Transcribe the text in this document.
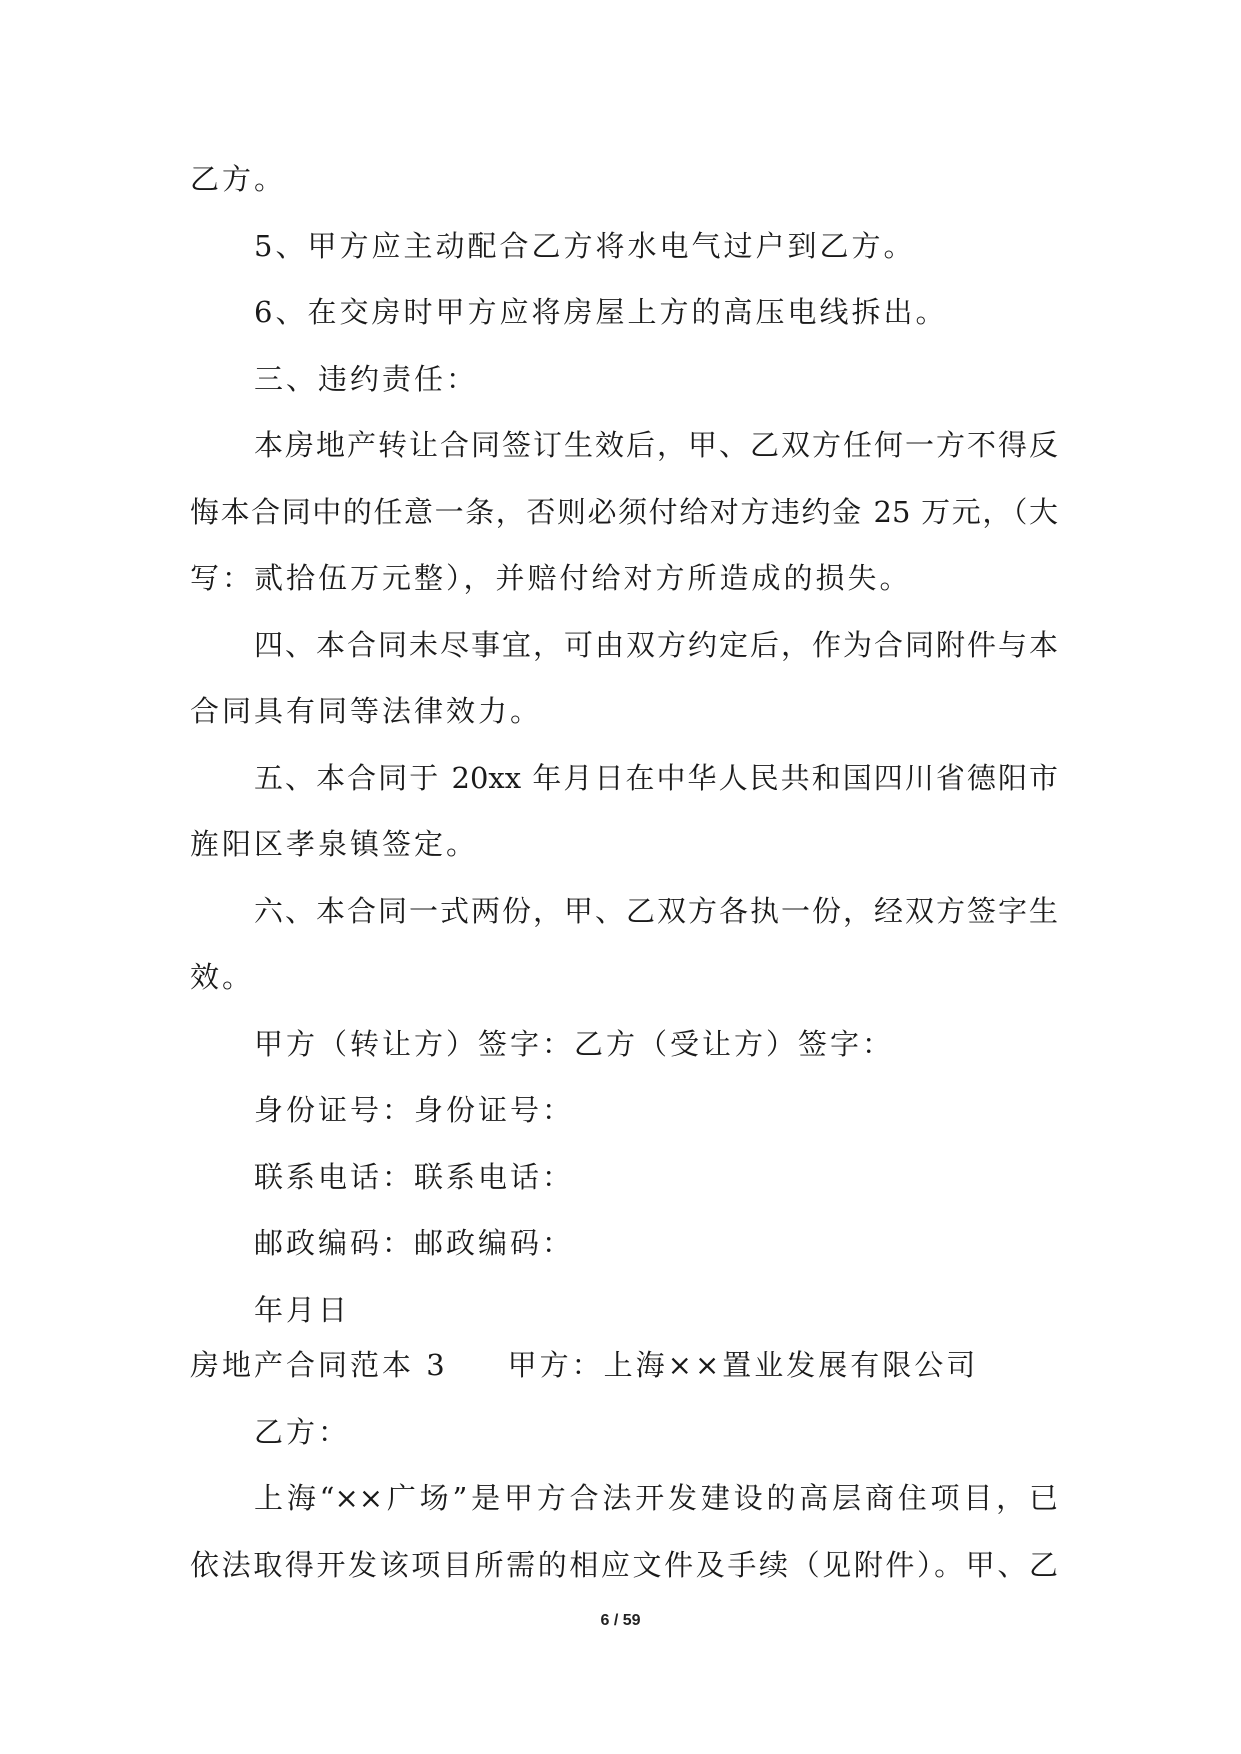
乙方。
5、甲方应主动配合乙方将水电气过户到乙方。
6、在交房时甲方应将房屋上方的高压电线拆出。
三、违约责任：
本房地产转让合同签订生效后，甲、乙双方任何一方不得反
悔本合同中的任意一条，否则必须付给对方违约金 25 万元，（大
写：贰拾伍万元整），并赔付给对方所造成的损失。
四、本合同未尽事宜，可由双方约定后，作为合同附件与本
合同具有同等法律效力。
五、本合同于 20xx 年月日在中华人民共和国四川省德阳市
旌阳区孝泉镇签定。
六、本合同一式两份，甲、乙双方各执一份，经双方签字生
效。
甲方（转让方）签字：乙方（受让方）签字：
身份证号：身份证号：
联系电话：联系电话：
邮政编码：邮政编码：
年月日
房地产合同范本 3 甲方：上海××置业发展有限公司
乙方：
上海“××广场”是甲方合法开发建设的高层商住项目，已
依法取得开发该项目所需的相应文件及手续（见附件）。甲、乙
6 / 59
